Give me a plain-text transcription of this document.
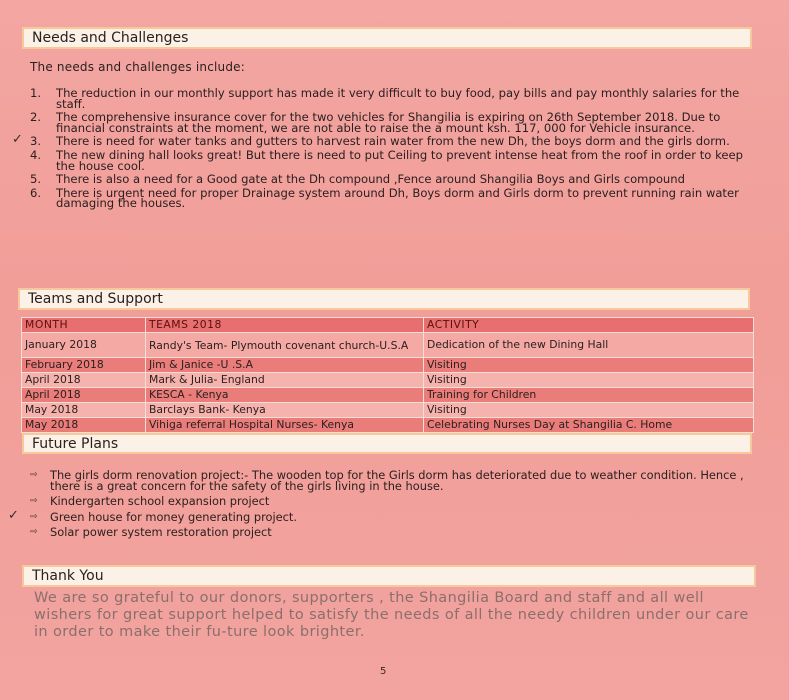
Needs and Challenges
The needs and challenges include:
1. The reduction in our monthly support has made it very difficult to buy food, pay bills and pay monthly salaries for the staff.
2. The comprehensive insurance cover for the two vehicles for Shangilia is expiring on 26th September 2018. Due to financial constraints at the moment, we are not able to raise the a mount ksh. 117, 000 for Vehicle insurance.
✓ 3. There is need for water tanks and gutters to harvest rain water from the new Dh, the boys dorm and the girls dorm.
4. The new dining hall looks great! But there is need to put Ceiling to prevent intense heat from the roof in order to keep the house cool.
5. There is also a need for a Good gate at the Dh compound ,Fence around Shangilia Boys and Girls compound
6. There is urgent need for proper Drainage system around Dh, Boys dorm and Girls dorm to prevent running rain water damaging the houses.
Teams and Support
MONTH	TEAMS 2018	ACTIVITY
January 2018	Randy's Team- Plymouth covenant church-U.S.A	Dedication of the new Dining Hall
February 2018	Jim & Janice -U .S.A	Visiting
April 2018	Mark & Julia- England	Visiting
April 2018	KESCA - Kenya	Training for Children
May 2018	Barclays Bank- Kenya	Visiting
May 2018	Vihiga referral Hospital Nurses- Kenya	Celebrating Nurses Day at Shangilia C. Home
Future Plans
⇨ The girls dorm renovation project:- The wooden top for the Girls dorm has deteriorated due to weather condition. Hence , there is a great concern for the safety of the girls living in the house.
⇨ Kindergarten school expansion project
✓ ⇨ Green house for money generating project.
⇨ Solar power system restoration project
Thank You
We are so grateful to our donors, supporters , the Shangilia Board and staff and all well wishers for great support helped to satisfy the needs of all the needy children under our care in order to make their fu-ture look brighter.
5
